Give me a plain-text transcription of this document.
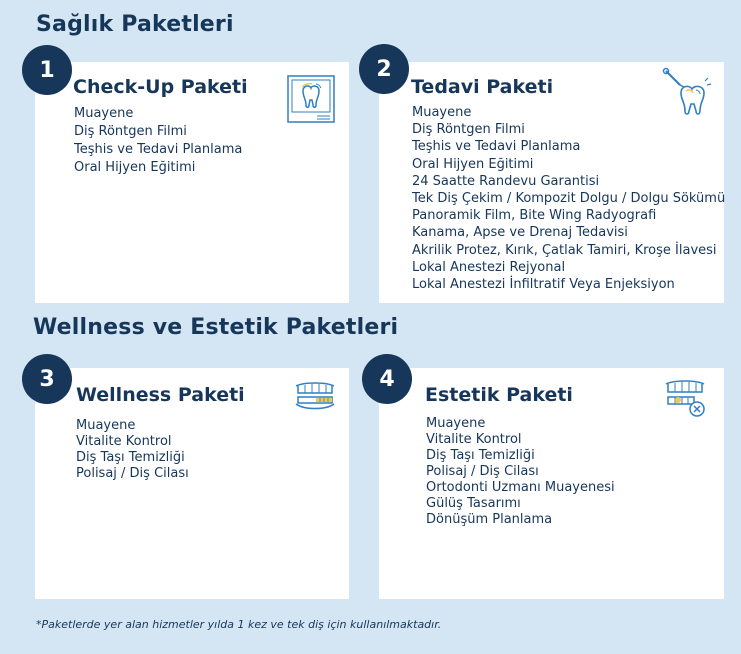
Sağlık Paketleri
Wellness ve Estetik Paketleri
Check-Up Paketi
Muayene
Diş Röntgen Filmi
Teşhis ve Tedavi Planlama
Oral Hijyen Eğitimi
1
Tedavi Paketi
Muayene
Diş Röntgen Filmi
Teşhis ve Tedavi Planlama
Oral Hijyen Eğitimi
24 Saatte Randevu Garantisi
Tek Diş Çekim / Kompozit Dolgu / Dolgu Sökümü
Panoramik Film, Bite Wing Radyografi
Kanama, Apse ve Drenaj Tedavisi
Akrilik Protez, Kırık, Çatlak Tamiri, Kroşe İlavesi
Lokal Anestezi Rejyonal
Lokal Anestezi İnfiltratif Veya Enjeksiyon
2
Wellness Paketi
Muayene
Vitalite Kontrol
Diş Taşı Temizliği
Polisaj / Diş Cilası
3
Estetik Paketi
Muayene
Vitalite Kontrol
Diş Taşı Temizliği
Polisaj / Diş Cilası
Ortodonti Uzmanı Muayenesi
Gülüş Tasarımı
Dönüşüm Planlama
4
*Paketlerde yer alan hizmetler yılda 1 kez ve tek diş için kullanılmaktadır.
